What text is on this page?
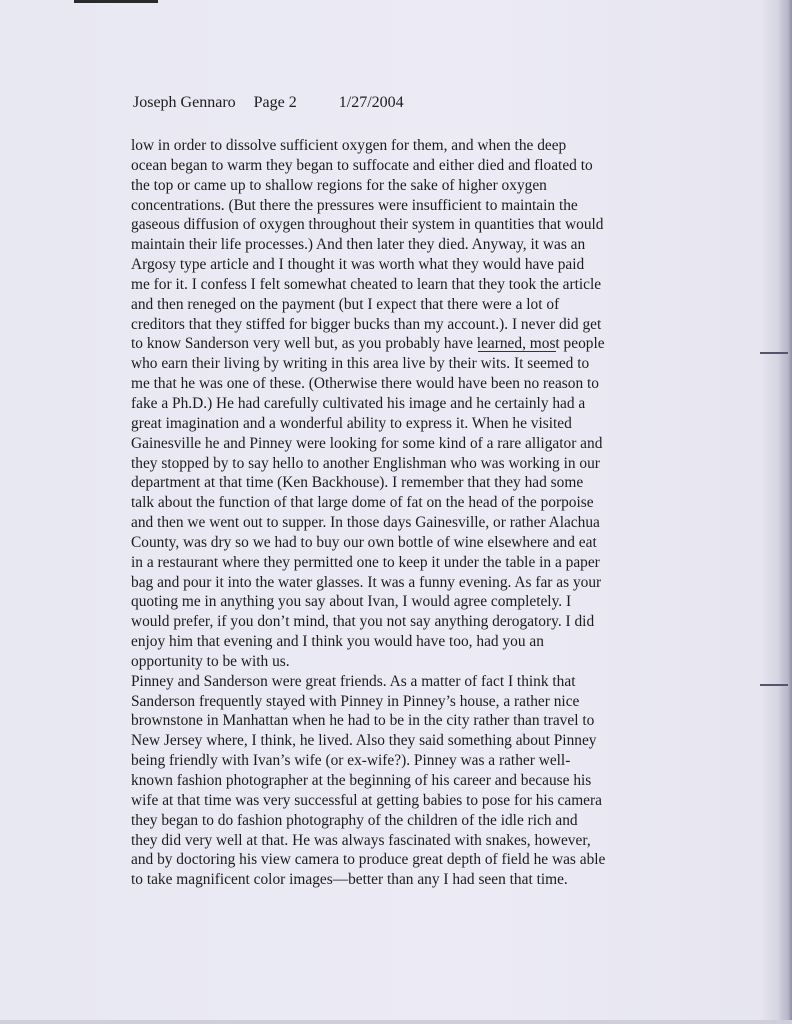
Joseph Gennaro Page 2	1/27/2004
low in order to dissolve sufficient oxygen for them, and when the deep
ocean began to warm they began to suffocate and either died and floated to
the top or came up to shallow regions for the sake of higher oxygen
concentrations. (But there the pressures were insufficient to maintain the
gaseous diffusion of oxygen throughout their system in quantities that would
maintain their life processes.) And then later they died. Anyway, it was an
Argosy type article and I thought it was worth what they would have paid
me for it. I confess I felt somewhat cheated to learn that they took the article
and then reneged on the payment (but I expect that there were a lot of
creditors that they stiffed for bigger bucks than my account.). I never did get
to know Sanderson very well but, as you probably have learned, most people
who earn their living by writing in this area live by their wits. It seemed to
me that he was one of these. (Otherwise there would have been no reason to
fake a Ph.D.) He had carefully cultivated his image and he certainly had a
great imagination and a wonderful ability to express it. When he visited
Gainesville he and Pinney were looking for some kind of a rare alligator and
they stopped by to say hello to another Englishman who was working in our
department at that time (Ken Backhouse). I remember that they had some
talk about the function of that large dome of fat on the head of the porpoise
and then we went out to supper. In those days Gainesville, or rather Alachua
County, was dry so we had to buy our own bottle of wine elsewhere and eat
in a restaurant where they permitted one to keep it under the table in a paper
bag and pour it into the water glasses. It was a funny evening. As far as your
quoting me in anything you say about Ivan, I would agree completely. I
would prefer, if you don’t mind, that you not say anything derogatory. I did
enjoy him that evening and I think you would have too, had you an
opportunity to be with us.
Pinney and Sanderson were great friends. As a matter of fact I think that
Sanderson frequently stayed with Pinney in Pinney’s house, a rather nice
brownstone in Manhattan when he had to be in the city rather than travel to
New Jersey where, I think, he lived. Also they said something about Pinney
being friendly with Ivan’s wife (or ex-wife?). Pinney was a rather well-
known fashion photographer at the beginning of his career and because his
wife at that time was very successful at getting babies to pose for his camera
they began to do fashion photography of the children of the idle rich and
they did very well at that. He was always fascinated with snakes, however,
and by doctoring his view camera to produce great depth of field he was able
to take magnificent color images—better than any I had seen that time.
